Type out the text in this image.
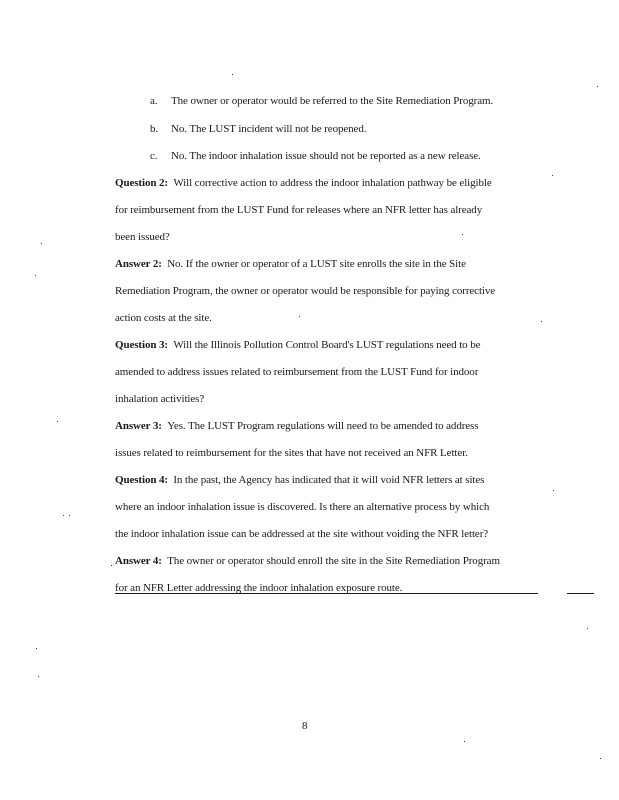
a. The owner or operator would be referred to the Site Remediation Program.
b. No. The LUST incident will not be reopened.
c. No. The indoor inhalation issue should not be reported as a new release.
Question 2: Will corrective action to address the indoor inhalation pathway be eligible
for reimbursement from the LUST Fund for releases where an NFR letter has already
been issued?
Answer 2: No. If the owner or operator of a LUST site enrolls the site in the Site
Remediation Program, the owner or operator would be responsible for paying corrective
action costs at the site.
Question 3: Will the Illinois Pollution Control Board's LUST regulations need to be
amended to address issues related to reimbursement from the LUST Fund for indoor
inhalation activities?
Answer 3: Yes. The LUST Program regulations will need to be amended to address
issues related to reimbursement for the sites that have not received an NFR Letter.
Question 4: In the past, the Agency has indicated that it will void NFR letters at sites
where an indoor inhalation issue is discovered. Is there an alternative process by which
the indoor inhalation issue can be addressed at the site without voiding the NFR letter?
Answer 4: The owner or operator should enroll the site in the Site Remediation Program
for an NFR Letter addressing the indoor inhalation exposure route.
8
